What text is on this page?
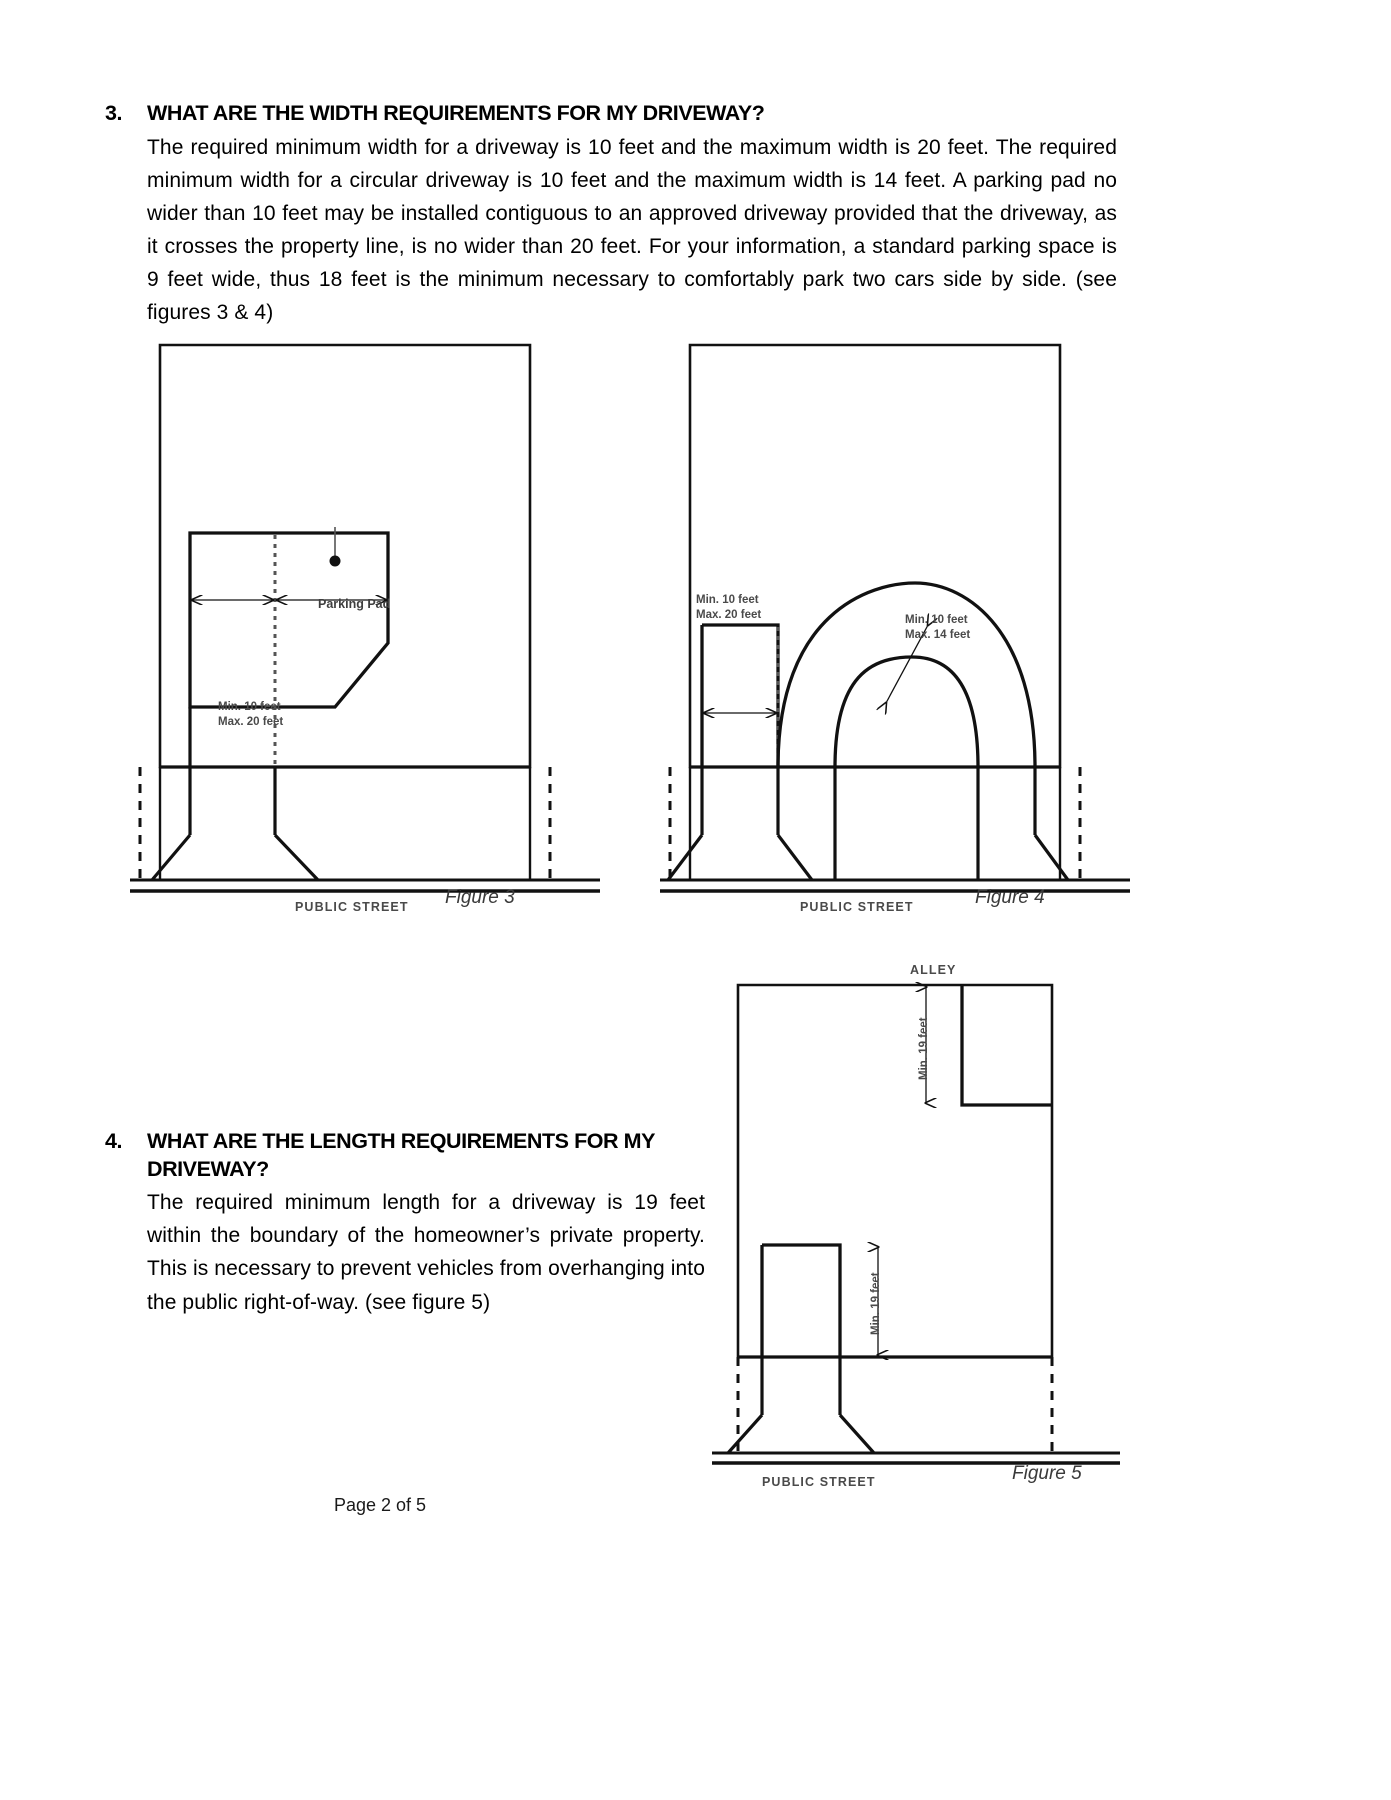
3.	WHAT ARE THE WIDTH REQUIREMENTS FOR MY DRIVEWAY?

The required minimum width for a driveway is 10 feet and the maximum width is 20 feet. The required minimum width for a circular driveway is 10 feet and the maximum width is 14 feet. A parking pad no wider than 10 feet may be installed contiguous to an approved driveway provided that the driveway, as it crosses the property line, is no wider than 20 feet. For your information, a standard parking space is 9 feet wide, thus 18 feet is the minimum necessary to comfortably park two cars side by side. (see figures 3 & 4)

Parking Pad
Min. 10 feet
Max. 20 feet
PUBLIC STREET Figure 3
Min. 10 feet
Max. 20 feet	Min. 10 feet
Max. 14 feet
PUBLIC STREET	Figure 4
4.	WHAT ARE THE LENGTH REQUIREMENTS FOR MY DRIVEWAY?

The required minimum length for a driveway is 19 feet within the boundary of the homeowner’s private property. This is necessary to prevent vehicles from overhanging into the public right-of-way. (see figure 5)

Min. 19 feet
Min. 19 feet
ALLEY
PUBLIC STREET	Figure 5
Page 2 of 5
